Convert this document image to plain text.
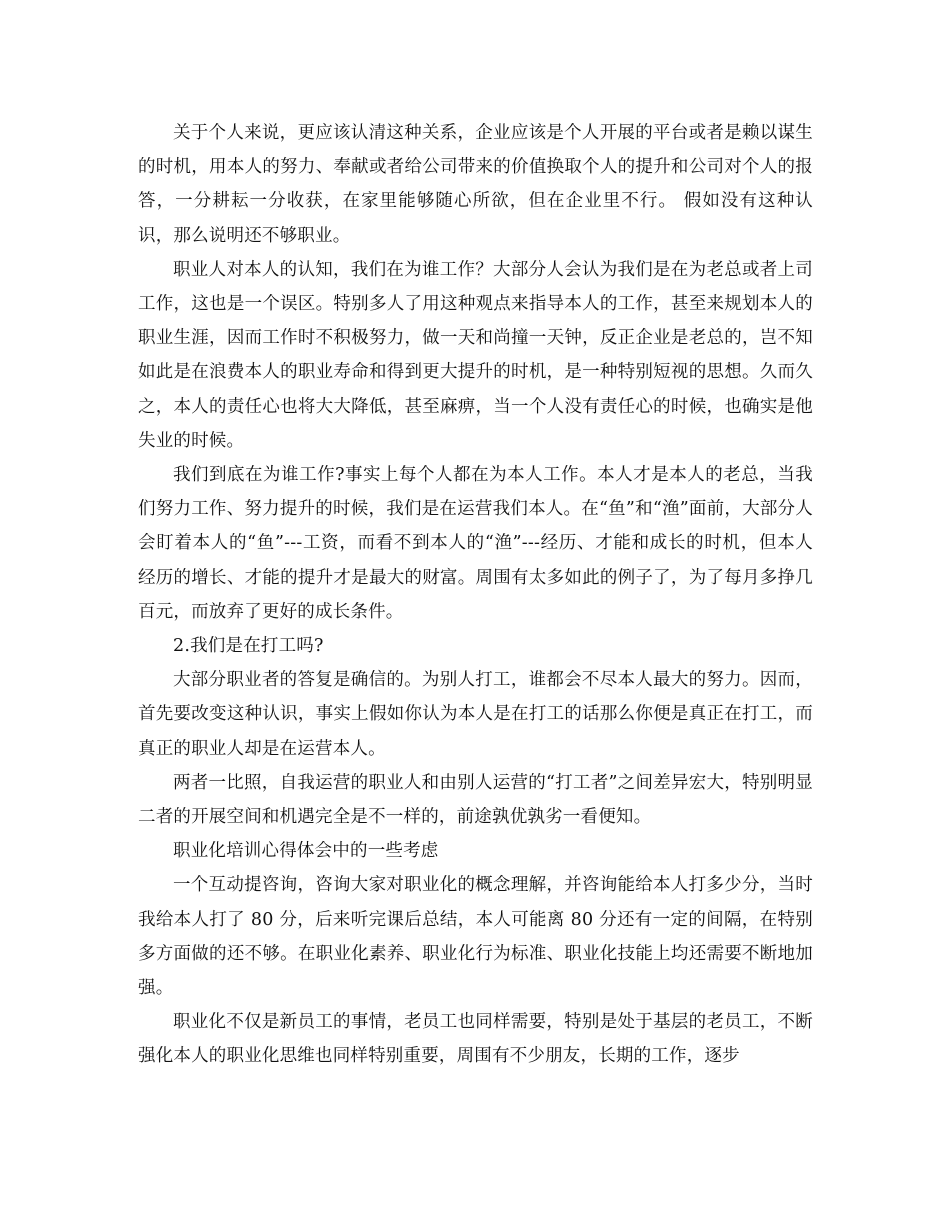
关于个人来说，更应该认清这种关系，企业应该是个人开展的平台或者是赖以谋生的时机，用本人的努力、奉献或者给公司带来的价值换取个人的提升和公司对个人的报答，一分耕耘一分收获，在家里能够随心所欲，但在企业里不行。 假如没有这种认识，那么说明还不够职业。

职业人对本人的认知，我们在为谁工作？大部分人会认为我们是在为老总或者上司工作，这也是一个误区。特别多人了用这种观点来指导本人的工作，甚至来规划本人的职业生涯，因而工作时不积极努力，做一天和尚撞一天钟，反正企业是老总的，岂不知如此是在浪费本人的职业寿命和得到更大提升的时机，是一种特别短视的思想。久而久之，本人的责任心也将大大降低，甚至麻痹，当一个人没有责任心的时候，也确实是他失业的时候。

我们到底在为谁工作?事实上每个人都在为本人工作。本人才是本人的老总，当我们努力工作、努力提升的时候，我们是在运营我们本人。在“鱼”和“渔”面前，大部分人会盯着本人的“鱼”---工资，而看不到本人的“渔”---经历、才能和成长的时机，但本人经历的增长、才能的提升才是最大的财富。周围有太多如此的例子了，为了每月多挣几百元，而放弃了更好的成长条件。

2.我们是在打工吗?

大部分职业者的答复是确信的。为别人打工，谁都会不尽本人最大的努力。因而，首先要改变这种认识，事实上假如你认为本人是在打工的话那么你便是真正在打工，而真正的职业人却是在运营本人。

两者一比照，自我运营的职业人和由别人运营的“打工者”之间差异宏大，特别明显二者的开展空间和机遇完全是不一样的，前途孰优孰劣一看便知。

职业化培训心得体会中的一些考虑

一个互动提咨询，咨询大家对职业化的概念理解，并咨询能给本人打多少分，当时我给本人打了 80 分，后来听完课后总结，本人可能离 80 分还有一定的间隔，在特别多方面做的还不够。在职业化素养、职业化行为标准、职业化技能上均还需要不断地加强。

职业化不仅是新员工的事情，老员工也同样需要，特别是处于基层的老员工，不断强化本人的职业化思维也同样特别重要，周围有不少朋友，长期的工作，逐步
